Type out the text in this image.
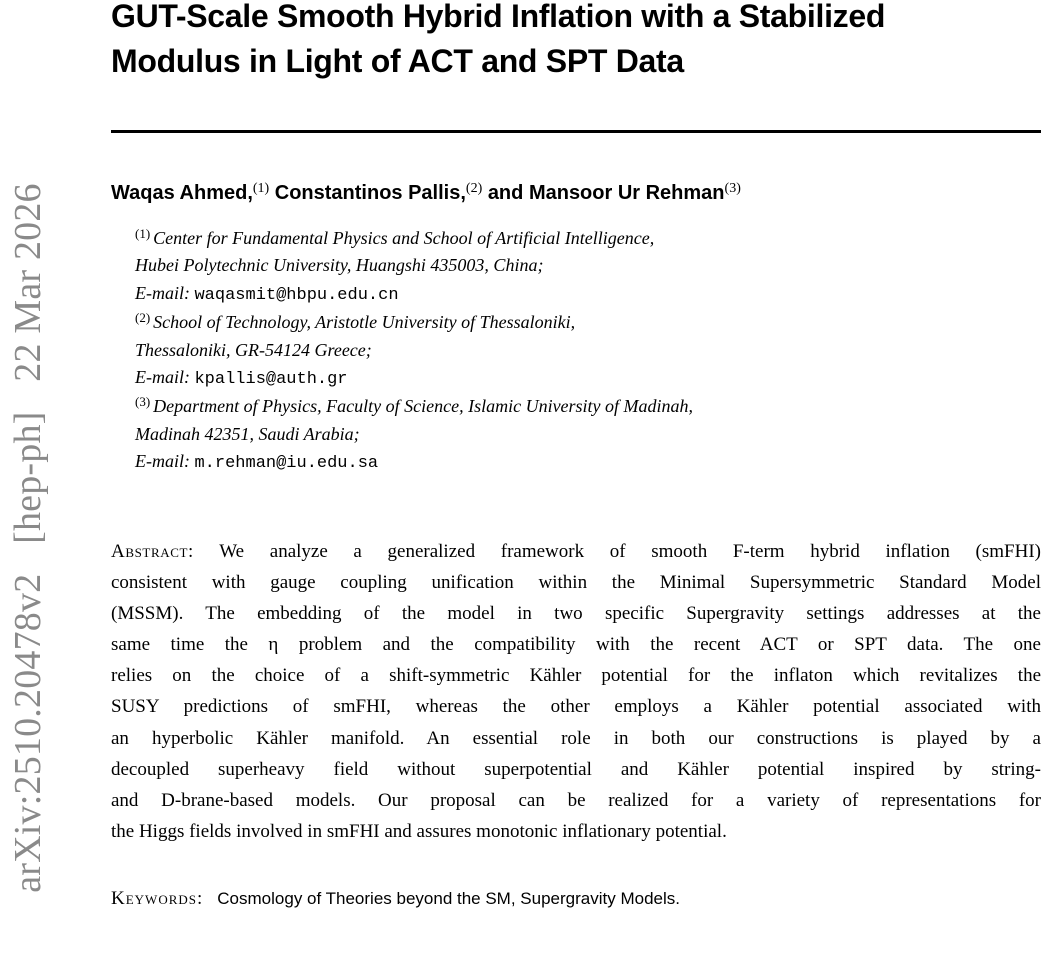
arXiv:2510.20478v2 [hep-ph] 22 Mar 2026
GUT-Scale Smooth Hybrid Inflation with a Stabilized
Modulus in Light of ACT and SPT Data
Waqas Ahmed,$^{(1)}$ Constantinos Pallis,$^{(2)}$ and Mansoor Ur Rehman$^{(3)}$
$^{(1)}$ Center for Fundamental Physics and School of Artificial Intelligence,
Hubei Polytechnic University, Huangshi 435003, China;
E-mail: waqasmit@hbpu.edu.cn
$^{(2)}$ School of Technology, Aristotle University of Thessaloniki,
Thessaloniki, GR-54124 Greece;
E-mail: kpallis@auth.gr
$^{(3)}$ Department of Physics, Faculty of Science, Islamic University of Madinah,
Madinah 42351, Saudi Arabia;
E-mail: m.rehman@iu.edu.sa
Abstract: We analyze a generalized framework of smooth F-term hybrid inflation (smFHI)
consistent with gauge coupling unification within the Minimal Supersymmetric Standard Model
(MSSM). The embedding of the model in two specific Supergravity settings addresses at the
same time the η problem and the compatibility with the recent ACT or SPT data. The one
relies on the choice of a shift-symmetric Kähler potential for the inflaton which revitalizes the
SUSY predictions of smFHI, whereas the other employs a Kähler potential associated with
an hyperbolic Kähler manifold. An essential role in both our constructions is played by a
decoupled superheavy field without superpotential and Kähler potential inspired by string-
and D-brane-based models. Our proposal can be realized for a variety of representations for
the Higgs fields involved in smFHI and assures monotonic inflationary potential.
Keywords: Cosmology of Theories beyond the SM, Supergravity Models.
